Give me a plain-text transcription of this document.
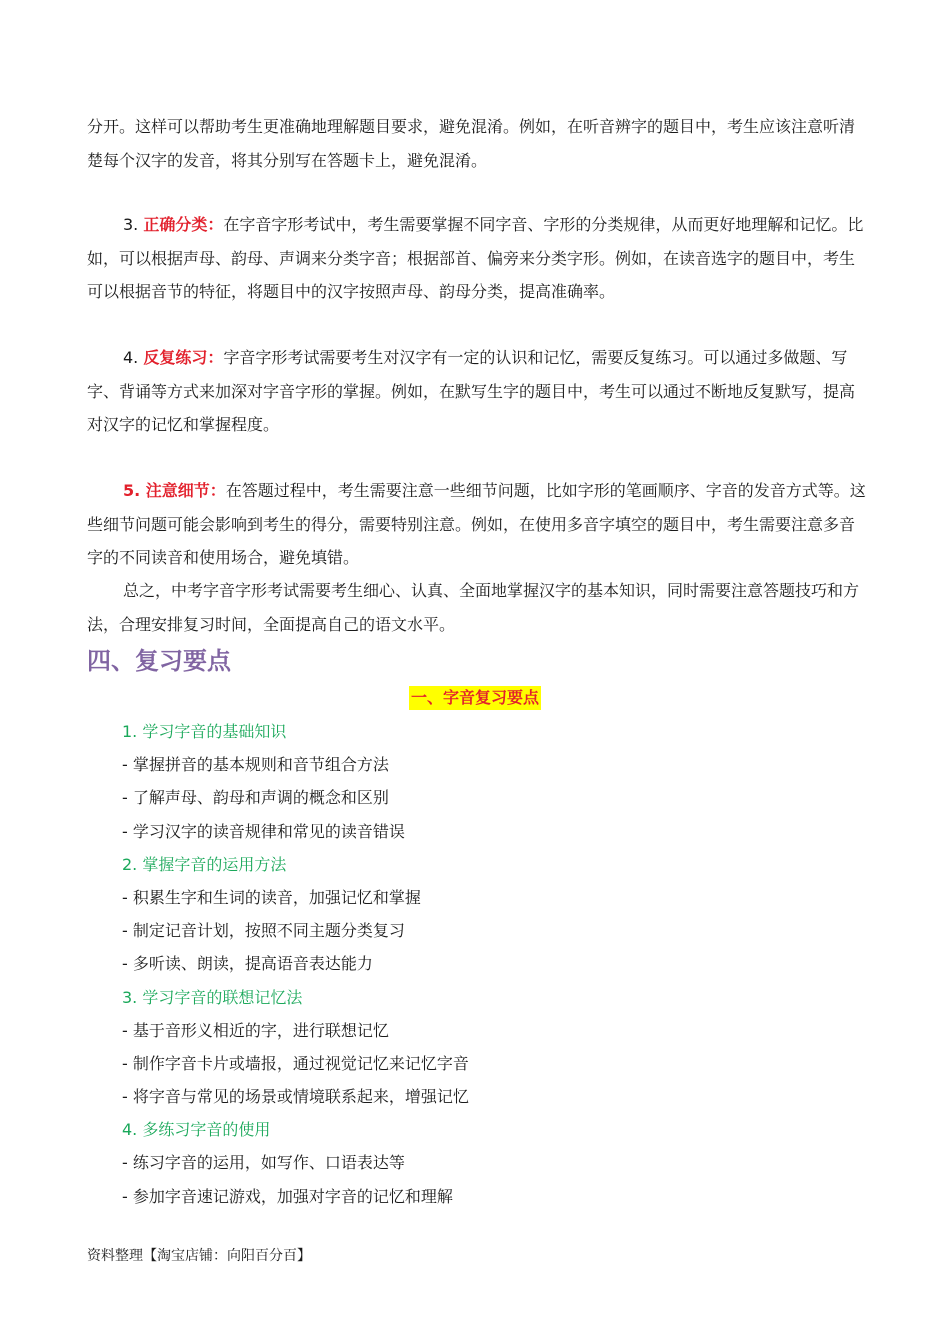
分开。这样可以帮助考生更准确地理解题目要求，避免混淆。例如，在听音辨字的题目中，考生应该注意听清楚每个汉字的发音，将其分别写在答题卡上，避免混淆。

3. 正确分类：在字音字形考试中，考生需要掌握不同字音、字形的分类规律，从而更好地理解和记忆。比如，可以根据声母、韵母、声调来分类字音；根据部首、偏旁来分类字形。例如，在读音选字的题目中，考生可以根据音节的特征，将题目中的汉字按照声母、韵母分类，提高准确率。

4. 反复练习：字音字形考试需要考生对汉字有一定的认识和记忆，需要反复练习。可以通过多做题、写字、背诵等方式来加深对字音字形的掌握。例如，在默写生字的题目中，考生可以通过不断地反复默写，提高对汉字的记忆和掌握程度。

5. 注意细节：在答题过程中，考生需要注意一些细节问题，比如字形的笔画顺序、字音的发音方式等。这些细节问题可能会影响到考生的得分，需要特别注意。例如，在使用多音字填空的题目中，考生需要注意多音字的不同读音和使用场合，避免填错。

总之，中考字音字形考试需要考生细心、认真、全面地掌握汉字的基本知识，同时需要注意答题技巧和方法，合理安排复习时间，全面提高自己的语文水平。

四、复习要点
一、字音复习要点
1. 学习字音的基础知识
- 掌握拼音的基本规则和音节组合方法
- 了解声母、韵母和声调的概念和区别
- 学习汉字的读音规律和常见的读音错误
2. 掌握字音的运用方法
- 积累生字和生词的读音，加强记忆和掌握
- 制定记音计划，按照不同主题分类复习
- 多听读、朗读，提高语音表达能力
3. 学习字音的联想记忆法
- 基于音形义相近的字，进行联想记忆
- 制作字音卡片或墙报，通过视觉记忆来记忆字音
- 将字音与常见的场景或情境联系起来，增强记忆
4. 多练习字音的使用
- 练习字音的运用，如写作、口语表达等
- 参加字音速记游戏，加强对字音的记忆和理解

资料整理【淘宝店铺：向阳百分百】
